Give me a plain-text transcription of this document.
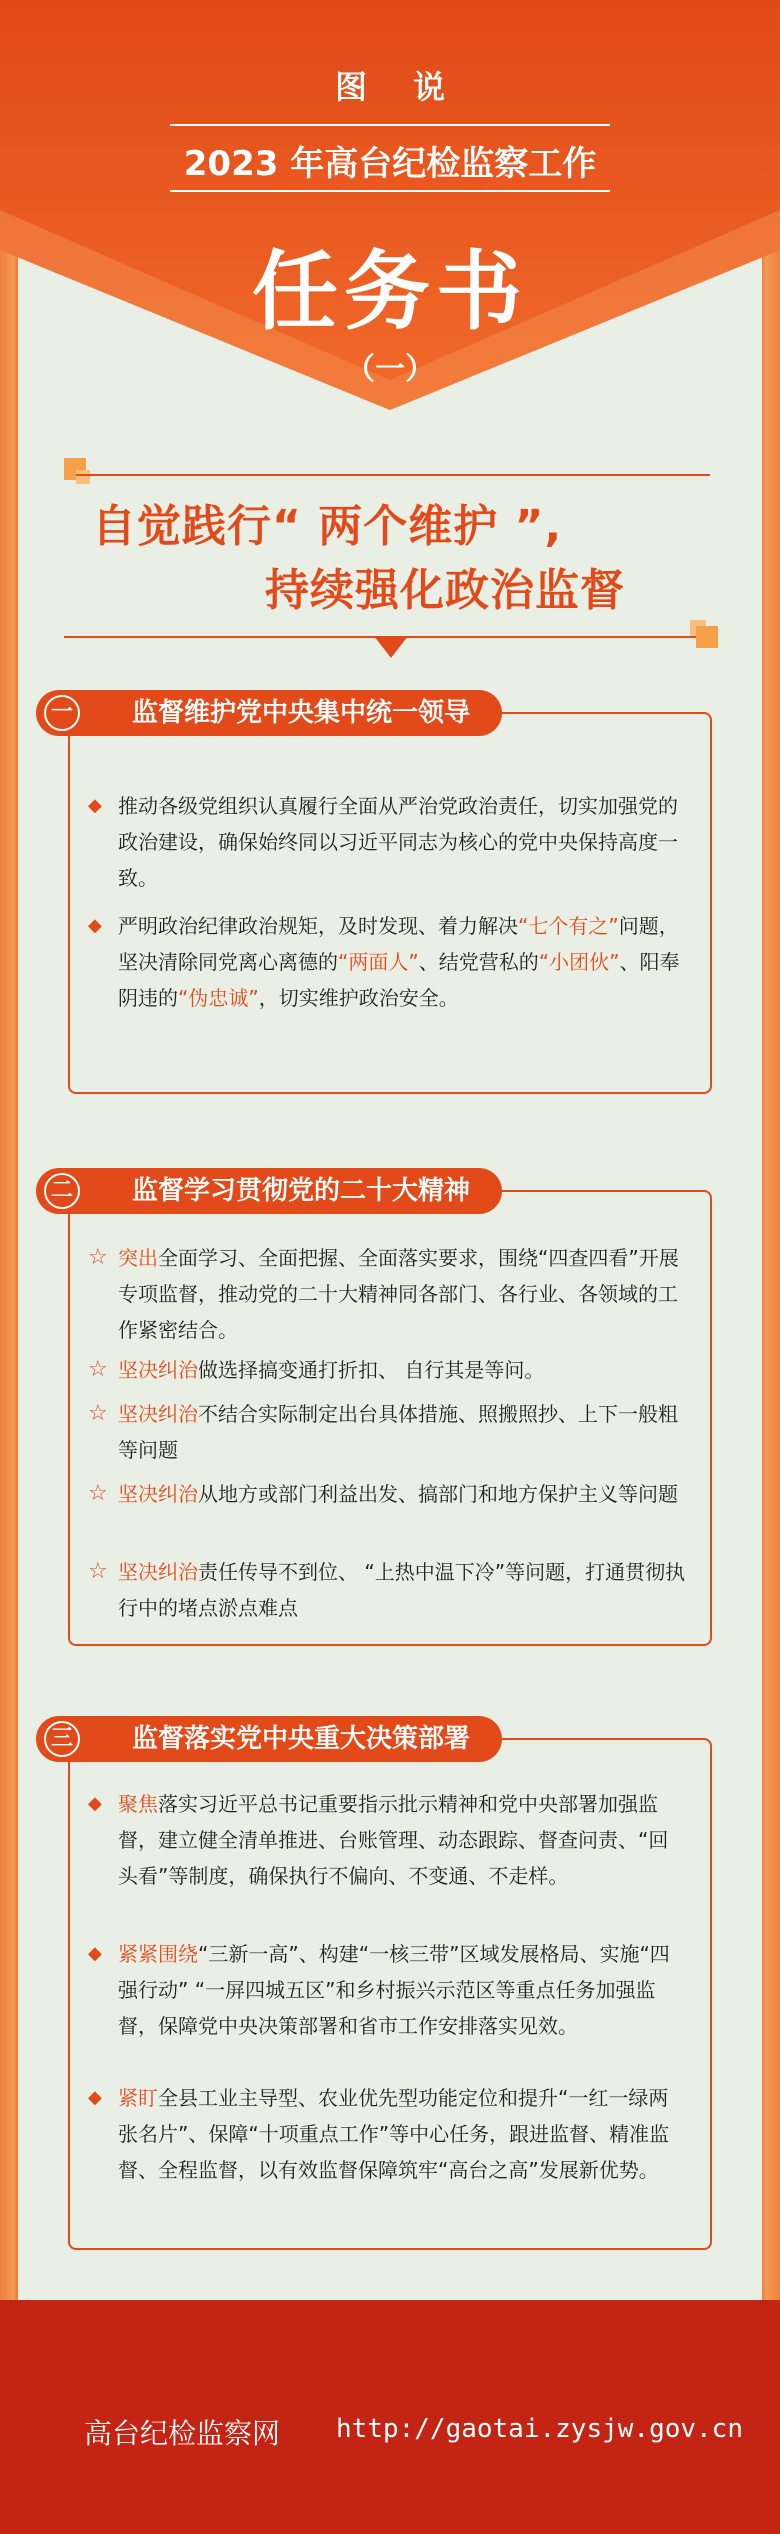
图说
2023 年高台纪检监察工作
任务书
（一）
自觉践行“ 两个维护 ”,
持续强化政治监督
一 监督维护党中央集中统一领导
◆ 推动各级党组织认真履行全面从严治党政治责任，切实加强党的政治建设，确保始终同以习近平同志为核心的党中央保持高度一致。
◆ 严明政治纪律政治规矩，及时发现、着力解决“七个有之”问题，坚决清除同党离心离德的“两面人”、结党营私的“小团伙”、阳奉阴违的“伪忠诚”，切实维护政治安全。
二 监督学习贯彻党的二十大精神
☆ 突出全面学习、全面把握、全面落实要求，围绕“四查四看”开展专项监督，推动党的二十大精神同各部门、各行业、各领域的工作紧密结合。
☆ 坚决纠治做选择搞变通打折扣、 自行其是等问。
☆ 坚决纠治不结合实际制定出台具体措施、照搬照抄、上下一般粗等问题
☆ 坚决纠治从地方或部门利益出发、搞部门和地方保护主义等问题
☆ 坚决纠治责任传导不到位、 “上热中温下冷”等问题，打通贯彻执行中的堵点淤点难点
三 监督落实党中央重大决策部署
◆ 聚焦落实习近平总书记重要指示批示精神和党中央部署加强监督，建立健全清单推进、台账管理、动态跟踪、督查问责、“回头看”等制度，确保执行不偏向、不变通、不走样。
◆ 紧紧围绕“三新一高”、构建“一核三带”区域发展格局、实施“四强行动” “一屏四城五区”和乡村振兴示范区等重点任务加强监督，保障党中央决策部署和省市工作安排落实见效。
◆ 紧盯全县工业主导型、农业优先型功能定位和提升“一红一绿两张名片”、保障“十项重点工作”等中心任务，跟进监督、精准监督、全程监督，以有效监督保障筑牢“高台之高”发展新优势。
高台纪检监察网 http://gaotai.zysjw.gov.cn
